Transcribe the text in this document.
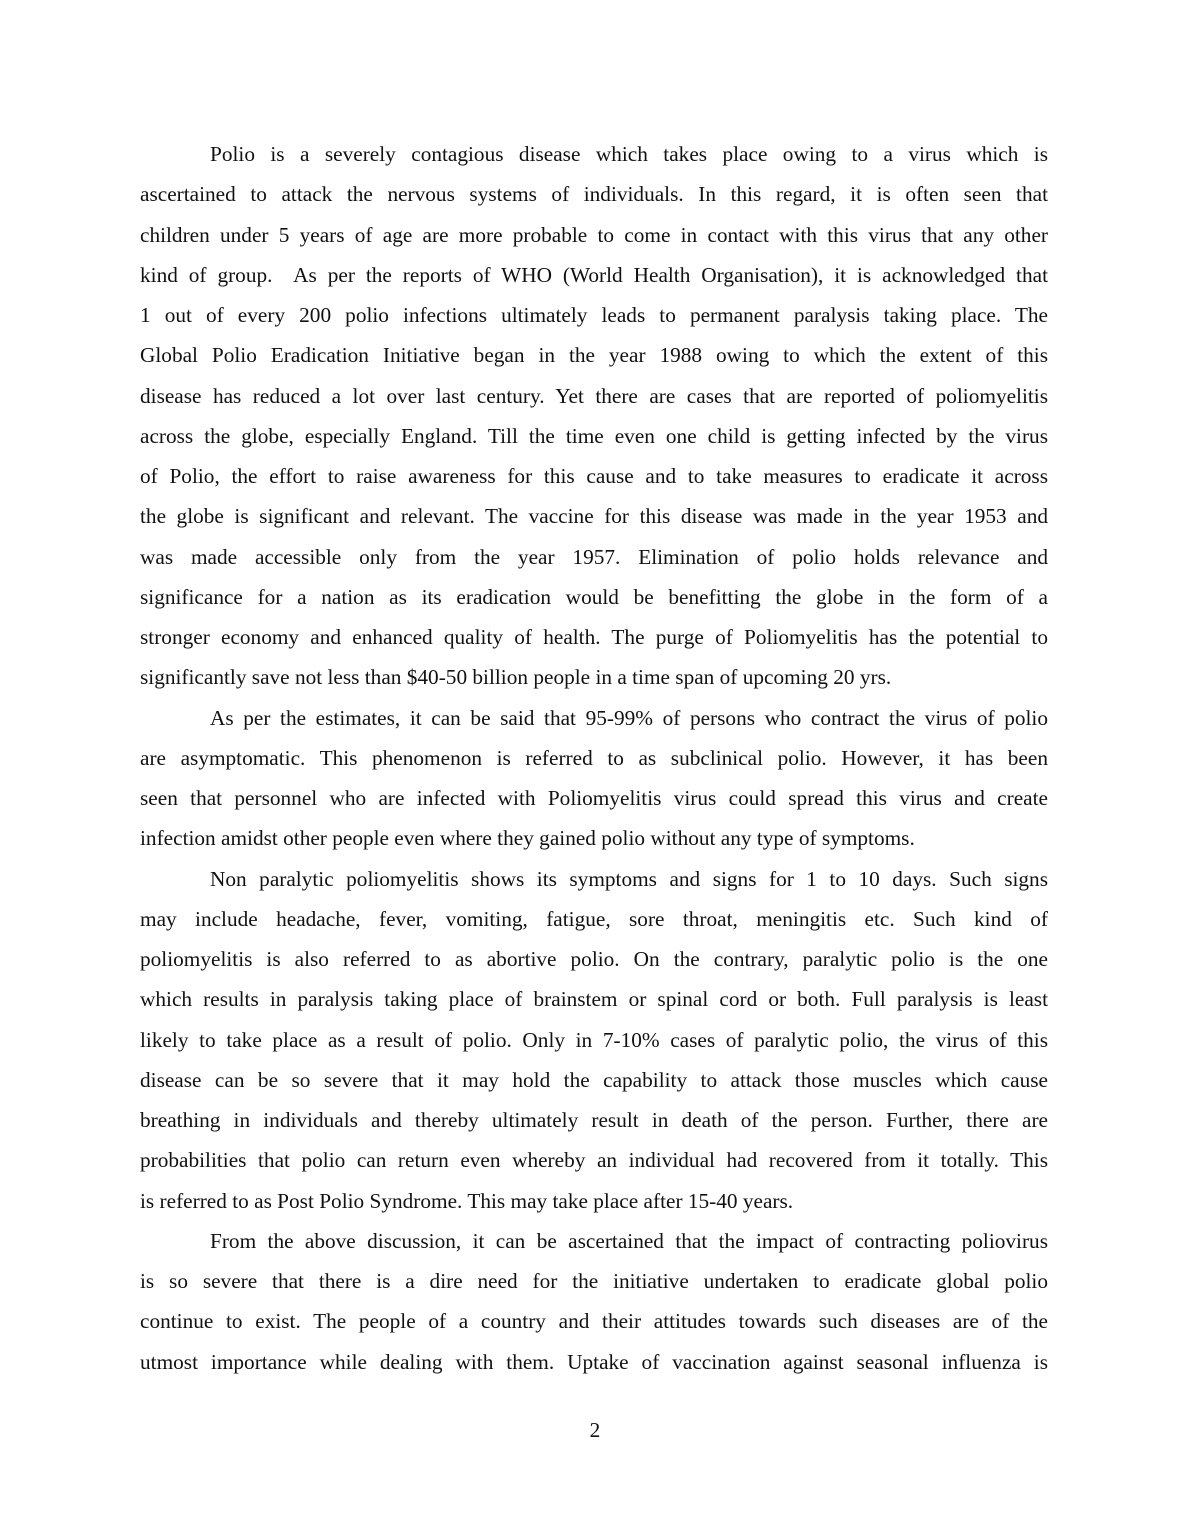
Polio is a severely contagious disease which takes place owing to a virus which is
ascertained to attack the nervous systems of individuals. In this regard, it is often seen that
children under 5 years of age are more probable to come in contact with this virus that any other
kind of group.  As per the reports of WHO (World Health Organisation), it is acknowledged that
1 out of every 200 polio infections ultimately leads to permanent paralysis taking place. The
Global Polio Eradication Initiative began in the year 1988 owing to which the extent of this
disease has reduced a lot over last century. Yet there are cases that are reported of poliomyelitis
across the globe, especially England. Till the time even one child is getting infected by the virus
of Polio, the effort to raise awareness for this cause and to take measures to eradicate it across
the globe is significant and relevant. The vaccine for this disease was made in the year 1953 and
was made accessible only from the year 1957. Elimination of polio holds relevance and
significance for a nation as its eradication would be benefitting the globe in the form of a
stronger economy and enhanced quality of health. The purge of Poliomyelitis has the potential to
significantly save not less than $40-50 billion people in a time span of upcoming 20 yrs.
As per the estimates, it can be said that 95-99% of persons who contract the virus of polio
are asymptomatic. This phenomenon is referred to as subclinical polio. However, it has been
seen that personnel who are infected with Poliomyelitis virus could spread this virus and create
infection amidst other people even where they gained polio without any type of symptoms.
Non paralytic poliomyelitis shows its symptoms and signs for 1 to 10 days. Such signs
may include headache, fever, vomiting, fatigue, sore throat, meningitis etc. Such kind of
poliomyelitis is also referred to as abortive polio. On the contrary, paralytic polio is the one
which results in paralysis taking place of brainstem or spinal cord or both. Full paralysis is least
likely to take place as a result of polio. Only in 7-10% cases of paralytic polio, the virus of this
disease can be so severe that it may hold the capability to attack those muscles which cause
breathing in individuals and thereby ultimately result in death of the person. Further, there are
probabilities that polio can return even whereby an individual had recovered from it totally. This
is referred to as Post Polio Syndrome. This may take place after 15-40 years.
From the above discussion, it can be ascertained that the impact of contracting poliovirus
is so severe that there is a dire need for the initiative undertaken to eradicate global polio
continue to exist. The people of a country and their attitudes towards such diseases are of the
utmost importance while dealing with them. Uptake of vaccination against seasonal influenza is
2
